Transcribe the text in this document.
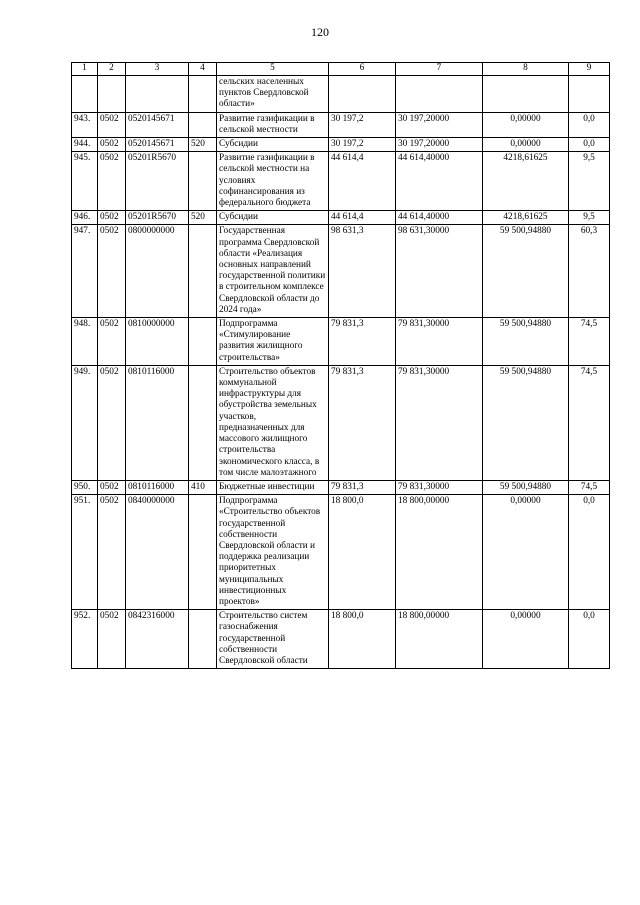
120
1	2	3	4	5	6	7	8	9
				сельских населенных пунктов Свердловской области»				
943.	0502	0520145671		Развитие газификации в сельской местности	30 197,2	30 197,20000	0,00000	0,0
944.	0502	0520145671	520	Субсидии	30 197,2	30 197,20000	0,00000	0,0
945.	0502	05201R5670		Развитие газификации в сельской местности на условиях софинансирования из федерального бюджета	44 614,4	44 614,40000	4218,61625	9,5
946.	0502	05201R5670	520	Субсидии	44 614,4	44 614,40000	4218,61625	9,5
947.	0502	0800000000		Государственная программа Свердловской области «Реализация основных направлений государственной политики в строительном комплексе Свердловской области до 2024 года»	98 631,3	98 631,30000	59 500,94880	60,3
948.	0502	0810000000		Подпрограмма «Стимулирование развития жилищного строительства»	79 831,3	79 831,30000	59 500,94880	74,5
949.	0502	0810116000		Строительство объектов коммунальной инфраструктуры для обустройства земельных участков, предназначенных для массового жилищного строительства экономического класса, в том числе малоэтажного	79 831,3	79 831,30000	59 500,94880	74,5
950.	0502	0810116000	410	Бюджетные инвестиции	79 831,3	79 831,30000	59 500,94880	74,5
951.	0502	0840000000		Подпрограмма «Строительство объектов государственной собственности Свердловской области и поддержка реализации приоритетных муниципальных инвестиционных проектов»	18 800,0	18 800,00000	0,00000	0,0
952.	0502	0842316000		Строительство систем газоснабжения государственной собственности Свердловской области	18 800,0	18 800,00000	0,00000	0,0
